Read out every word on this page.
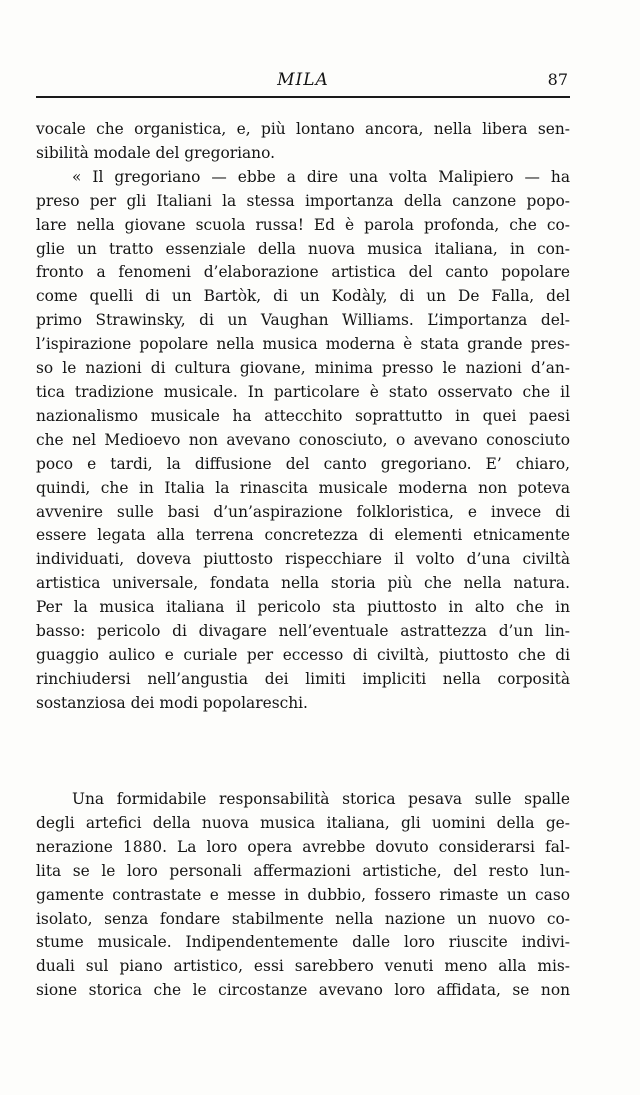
MILA	87
vocale che organistica, e, più lontano ancora, nella libera sen-
sibilità modale del gregoriano.
« Il gregoriano — ebbe a dire una volta Malipiero — ha
preso per gli Italiani la stessa importanza della canzone popo-
lare nella giovane scuola russa! Ed è parola profonda, che co-
glie un tratto essenziale della nuova musica italiana, in con-
fronto a fenomeni d’elaborazione artistica del canto popolare
come quelli di un Bartòk, di un Kodàly, di un De Falla, del
primo Strawinsky, di un Vaughan Williams. L’importanza del-
l’ispirazione popolare nella musica moderna è stata grande pres-
so le nazioni di cultura giovane, minima presso le nazioni d’an-
tica tradizione musicale. In particolare è stato osservato che il
nazionalismo musicale ha attecchito soprattutto in quei paesi
che nel Medioevo non avevano conosciuto, o avevano conosciuto
poco e tardi, la diffusione del canto gregoriano. E’ chiaro,
quindi, che in Italia la rinascita musicale moderna non poteva
avvenire sulle basi d’un’aspirazione folkloristica, e invece di
essere legata alla terrena concretezza di elementi etnicamente
individuati, doveva piuttosto rispecchiare il volto d’una civiltà
artistica universale, fondata nella storia più che nella natura.
Per la musica italiana il pericolo sta piuttosto in alto che in
basso: pericolo di divagare nell’eventuale astrattezza d’un lin-
guaggio aulico e curiale per eccesso di civiltà, piuttosto che di
rinchiudersi nell’angustia dei limiti impliciti nella corposità
sostanziosa dei modi popolareschi.
Una formidabile responsabilità storica pesava sulle spalle
degli artefici della nuova musica italiana, gli uomini della ge-
nerazione 1880. La loro opera avrebbe dovuto considerarsi fal-
lita se le loro personali affermazioni artistiche, del resto lun-
gamente contrastate e messe in dubbio, fossero rimaste un caso
isolato, senza fondare stabilmente nella nazione un nuovo co-
stume musicale. Indipendentemente dalle loro riuscite indivi-
duali sul piano artistico, essi sarebbero venuti meno alla mis-
sione storica che le circostanze avevano loro affidata, se non
